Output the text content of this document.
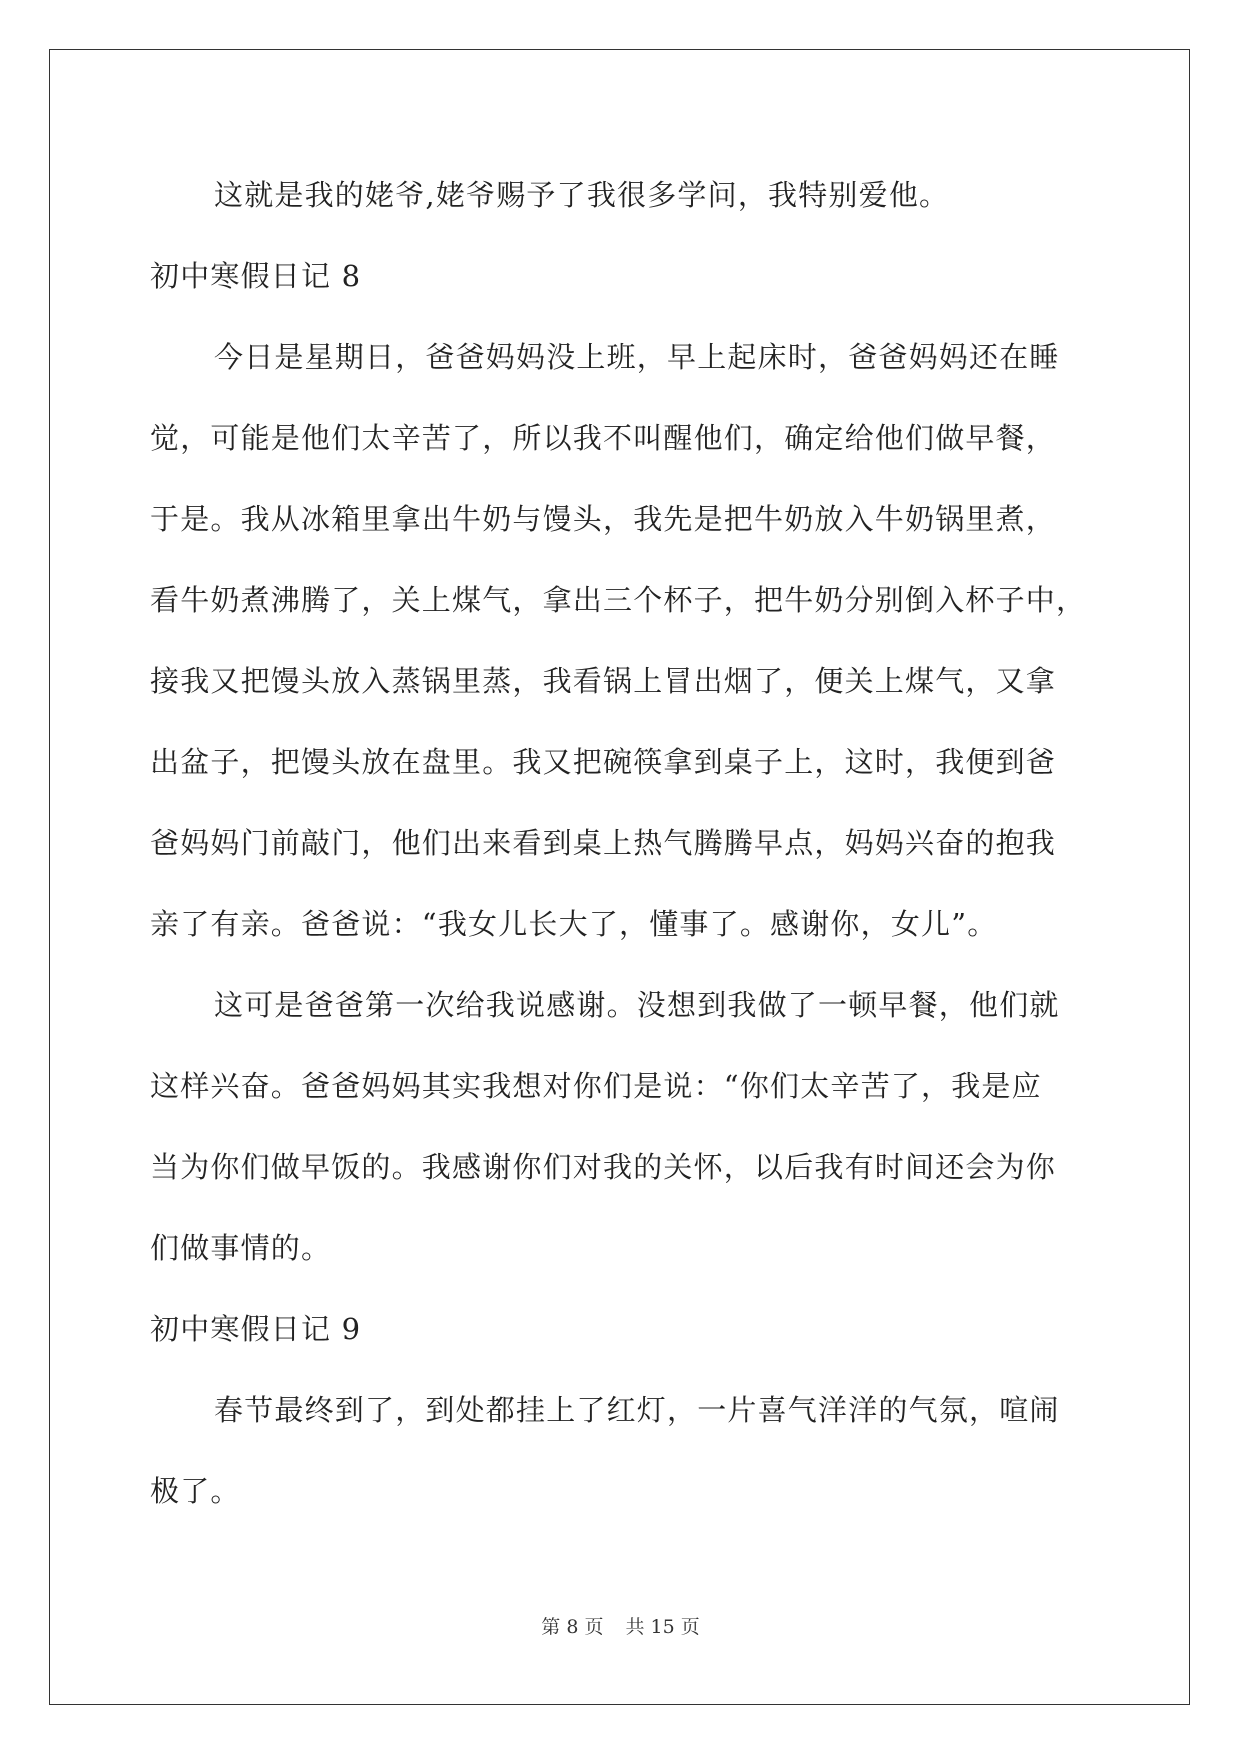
这就是我的姥爷,姥爷赐予了我很多学问，我特别爱他。
初中寒假日记 8
今日是星期日，爸爸妈妈没上班，早上起床时，爸爸妈妈还在睡
觉，可能是他们太辛苦了，所以我不叫醒他们，确定给他们做早餐，
于是。我从冰箱里拿出牛奶与馒头，我先是把牛奶放入牛奶锅里煮，
看牛奶煮沸腾了，关上煤气，拿出三个杯子，把牛奶分别倒入杯子中，
接我又把馒头放入蒸锅里蒸，我看锅上冒出烟了，便关上煤气，又拿
出盆子，把馒头放在盘里。我又把碗筷拿到桌子上，这时，我便到爸
爸妈妈门前敲门，他们出来看到桌上热气腾腾早点，妈妈兴奋的抱我
亲了有亲。爸爸说：“我女儿长大了，懂事了。感谢你，女儿”。
这可是爸爸第一次给我说感谢。没想到我做了一顿早餐，他们就
这样兴奋。爸爸妈妈其实我想对你们是说：“你们太辛苦了，我是应
当为你们做早饭的。我感谢你们对我的关怀，以后我有时间还会为你
们做事情的。
初中寒假日记 9
春节最终到了，到处都挂上了红灯，一片喜气洋洋的气氛，喧闹
极了。
第 8 页 共 15 页
